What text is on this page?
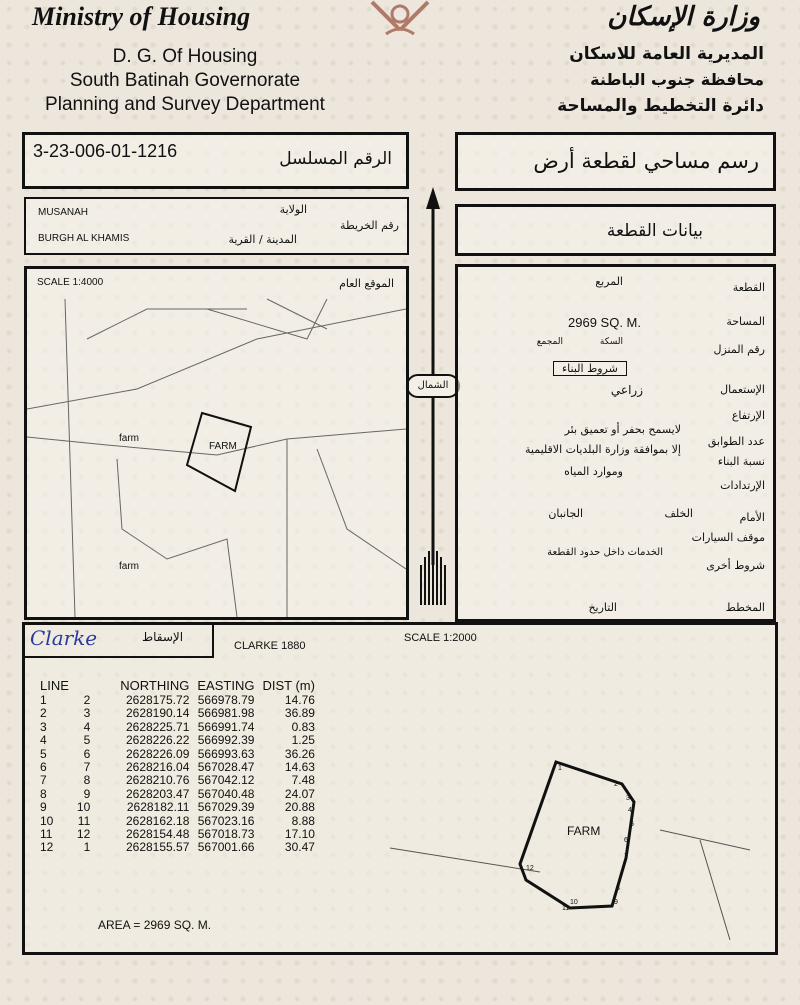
Ministry of Housing	وزارة الإسكان
D. G. Of Housing
South Batinah Governorate
Planning and Survey Department
المديرية العامة للاسكان
محافظة جنوب الباطنة
دائرة التخطيط والمساحة
3-23-006-01-1216	الرقم المسلسل	رسم مساحي لقطعة أرض
MUSANAH	الولاية
رقم الخريطة
BURGH AL KHAMIS	المدينة / القرية	بيانات القطعة
الشمال
SCALE 1:4000	الموقع العام
FARM
farm
farm
القطعة
المربع
المساحة
2969 SQ. M.
رقم المنزل
السكة
المجمع
شروط البناء
الإستعمال
زراعي
الإرتفاع
عدد الطوابق
نسبة البناء
الإرتدادات
لايسمح بحفر أو تعميق بئر
إلا بموافقة وزارة البلديات الاقليمية
وموارد المياه
الأمام
الخلف
الجانبان
موقف السيارات
الخدمات داخل حدود القطعة
شروط أخرى
المخطط
التاريخ
Clarke	الإسقاط
CLARKE 1880
SCALE 1:2000
LINE		NORTHING	EASTING	DIST (m)
1	2	2628175.72	566978.79	14.76
2	3	2628190.14	566981.98	36.89
3	4	2628225.71	566991.74	0.83
4	5	2628226.22	566992.39	1.25
5	6	2628226.09	566993.63	36.26
6	7	2628216.04	567028.47	14.63
7	8	2628210.76	567042.12	7.48
8	9	2628203.47	567040.48	24.07
9	10	2628182.11	567029.39	20.88
10	11	2628162.18	567023.16	8.88
11	12	2628154.48	567018.73	17.10
12	1	2628155.57	567001.66	30.47
AREA = 2969 SQ. M.
1
2
3
4
5
6
7
8
9
10
11
12
FARM
